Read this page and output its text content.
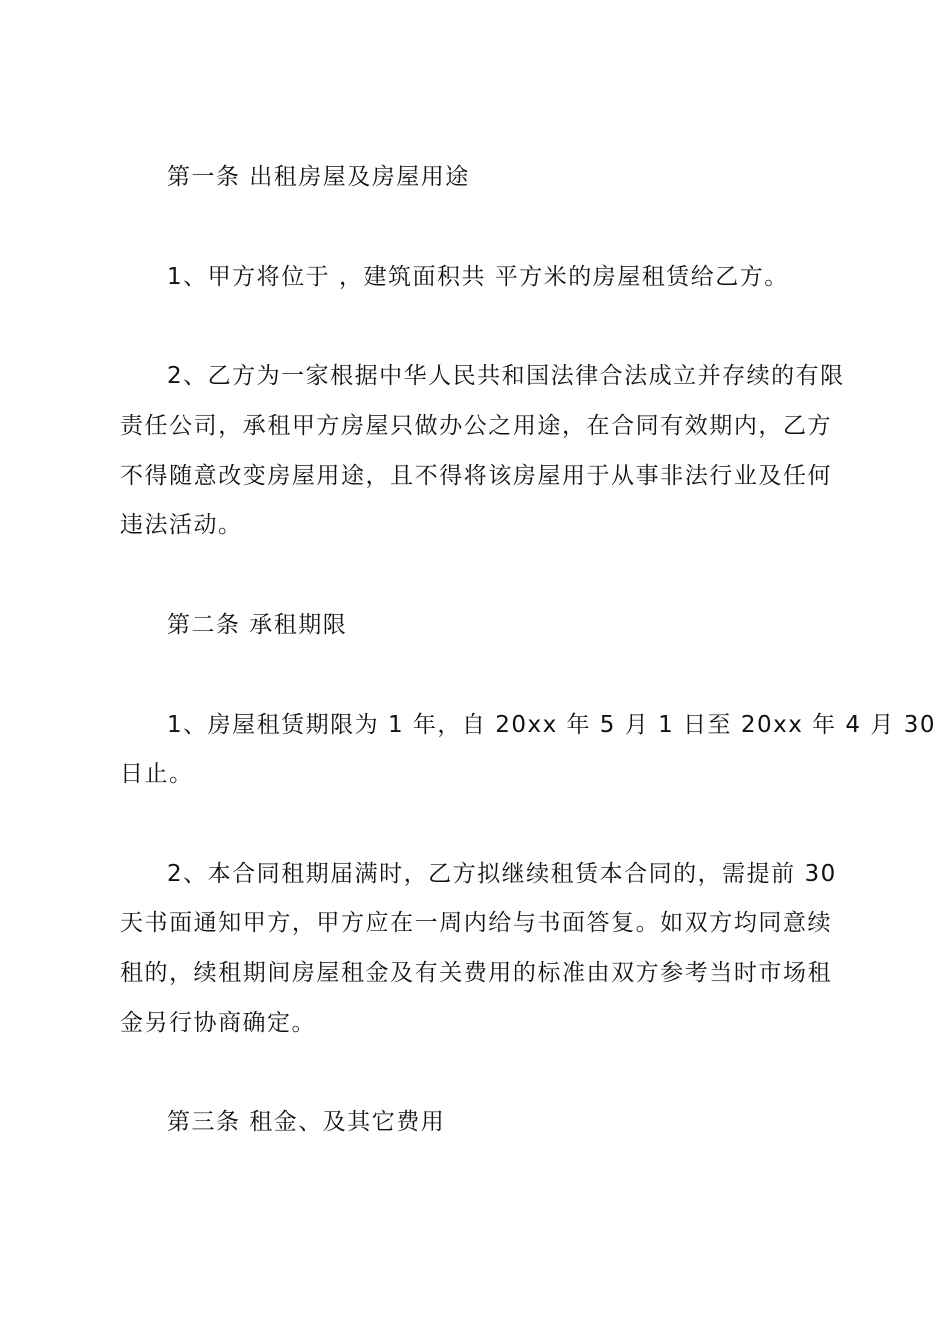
第一条 出租房屋及房屋用途
1、甲方将位于 ，建筑面积共 平方米的房屋租赁给乙方。
2、乙方为一家根据中华人民共和国法律合法成立并存续的有限
责任公司，承租甲方房屋只做办公之用途，在合同有效期内，乙方
不得随意改变房屋用途，且不得将该房屋用于从事非法行业及任何
违法活动。
第二条 承租期限
1、房屋租赁期限为 1 年，自 20xx 年 5 月 1 日至 20xx 年 4 月 30
日止。
2、本合同租期届满时，乙方拟继续租赁本合同的，需提前 30
天书面通知甲方，甲方应在一周内给与书面答复。如双方均同意续
租的，续租期间房屋租金及有关费用的标准由双方参考当时市场租
金另行协商确定。
第三条 租金、及其它费用
